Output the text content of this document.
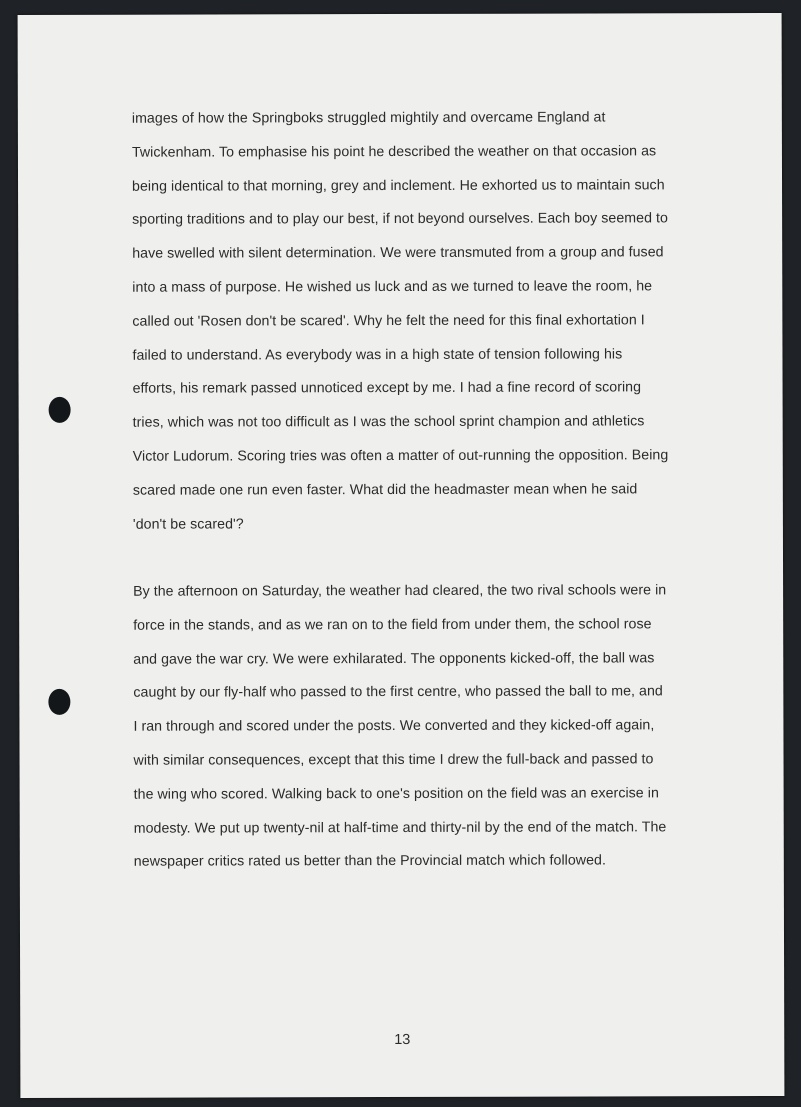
images of how the Springboks struggled mightily and overcame England at
Twickenham. To emphasise his point he described the weather on that occasion as
being identical to that morning, grey and inclement. He exhorted us to maintain such
sporting traditions and to play our best, if not beyond ourselves. Each boy seemed to
have swelled with silent determination. We were transmuted from a group and fused
into a mass of purpose. He wished us luck and as we turned to leave the room, he
called out 'Rosen don't be scared'. Why he felt the need for this final exhortation I
failed to understand. As everybody was in a high state of tension following his
efforts, his remark passed unnoticed except by me. I had a fine record of scoring
tries, which was not too difficult as I was the school sprint champion and athletics
Victor Ludorum. Scoring tries was often a matter of out-running the opposition. Being
scared made one run even faster. What did the headmaster mean when he said
'don't be scared'?

By the afternoon on Saturday, the weather had cleared, the two rival schools were in
force in the stands, and as we ran on to the field from under them, the school rose
and gave the war cry. We were exhilarated. The opponents kicked-off, the ball was
caught by our fly-half who passed to the first centre, who passed the ball to me, and
I ran through and scored under the posts. We converted and they kicked-off again,
with similar consequences, except that this time I drew the full-back and passed to
the wing who scored. Walking back to one's position on the field was an exercise in
modesty. We put up twenty-nil at half-time and thirty-nil by the end of the match. The
newspaper critics rated us better than the Provincial match which followed.

13
